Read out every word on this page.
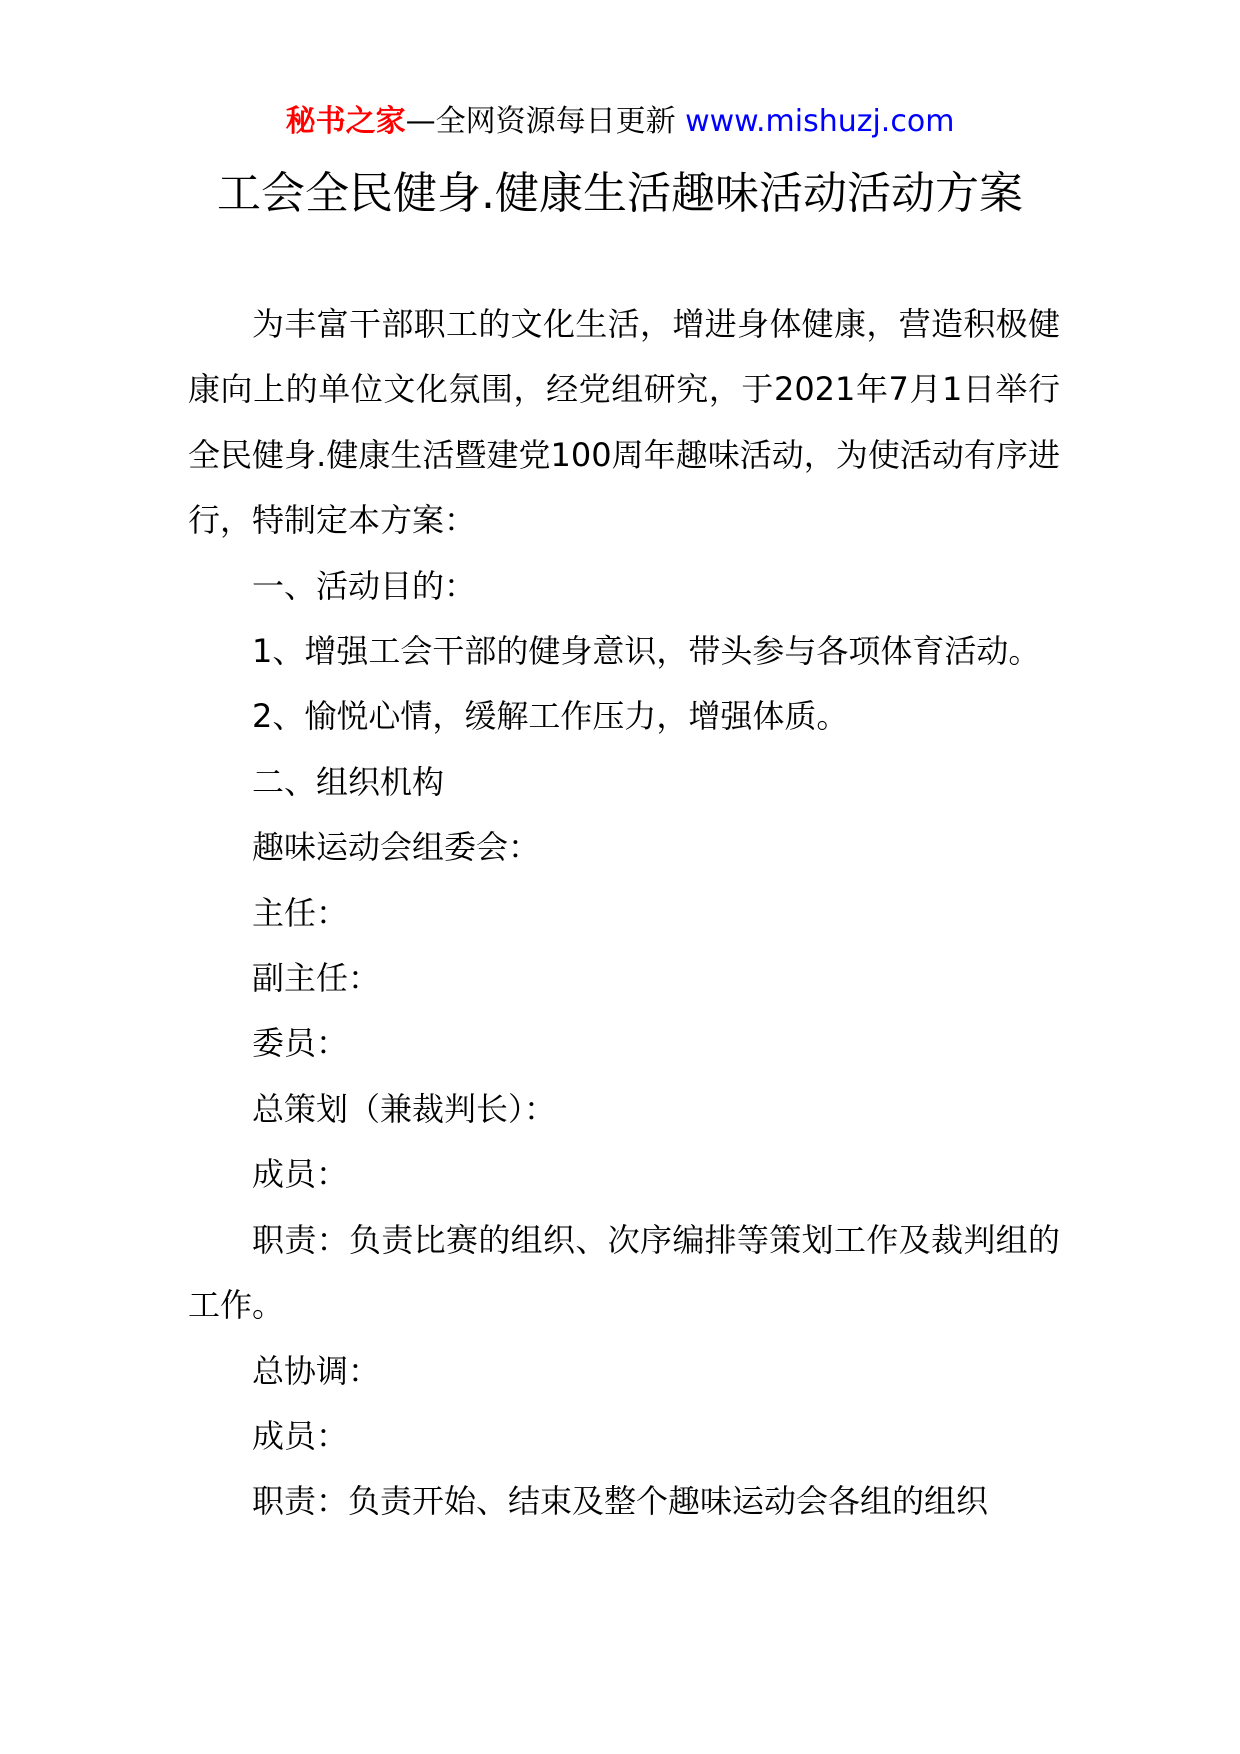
秘书之家—全网资源每日更新 www.mishuzj.com
工会全民健身.健康生活趣味活动活动方案

为丰富干部职工的文化生活，增进身体健康，营造积极健康向上的单位文化氛围，经党组研究，于2021年7月1日举行全民健身.健康生活暨建党100周年趣味活动，为使活动有序进行，特制定本方案：

一、活动目的：

1、增强工会干部的健身意识，带头参与各项体育活动。

2、愉悦心情，缓解工作压力，增强体质。

二、组织机构

趣味运动会组委会：

主任：

副主任：

委员：

总策划（兼裁判长）：

成员：

职责：负责比赛的组织、次序编排等策划工作及裁判组的工作。

总协调：

成员：

职责：负责开始、结束及整个趣味运动会各组的组织
